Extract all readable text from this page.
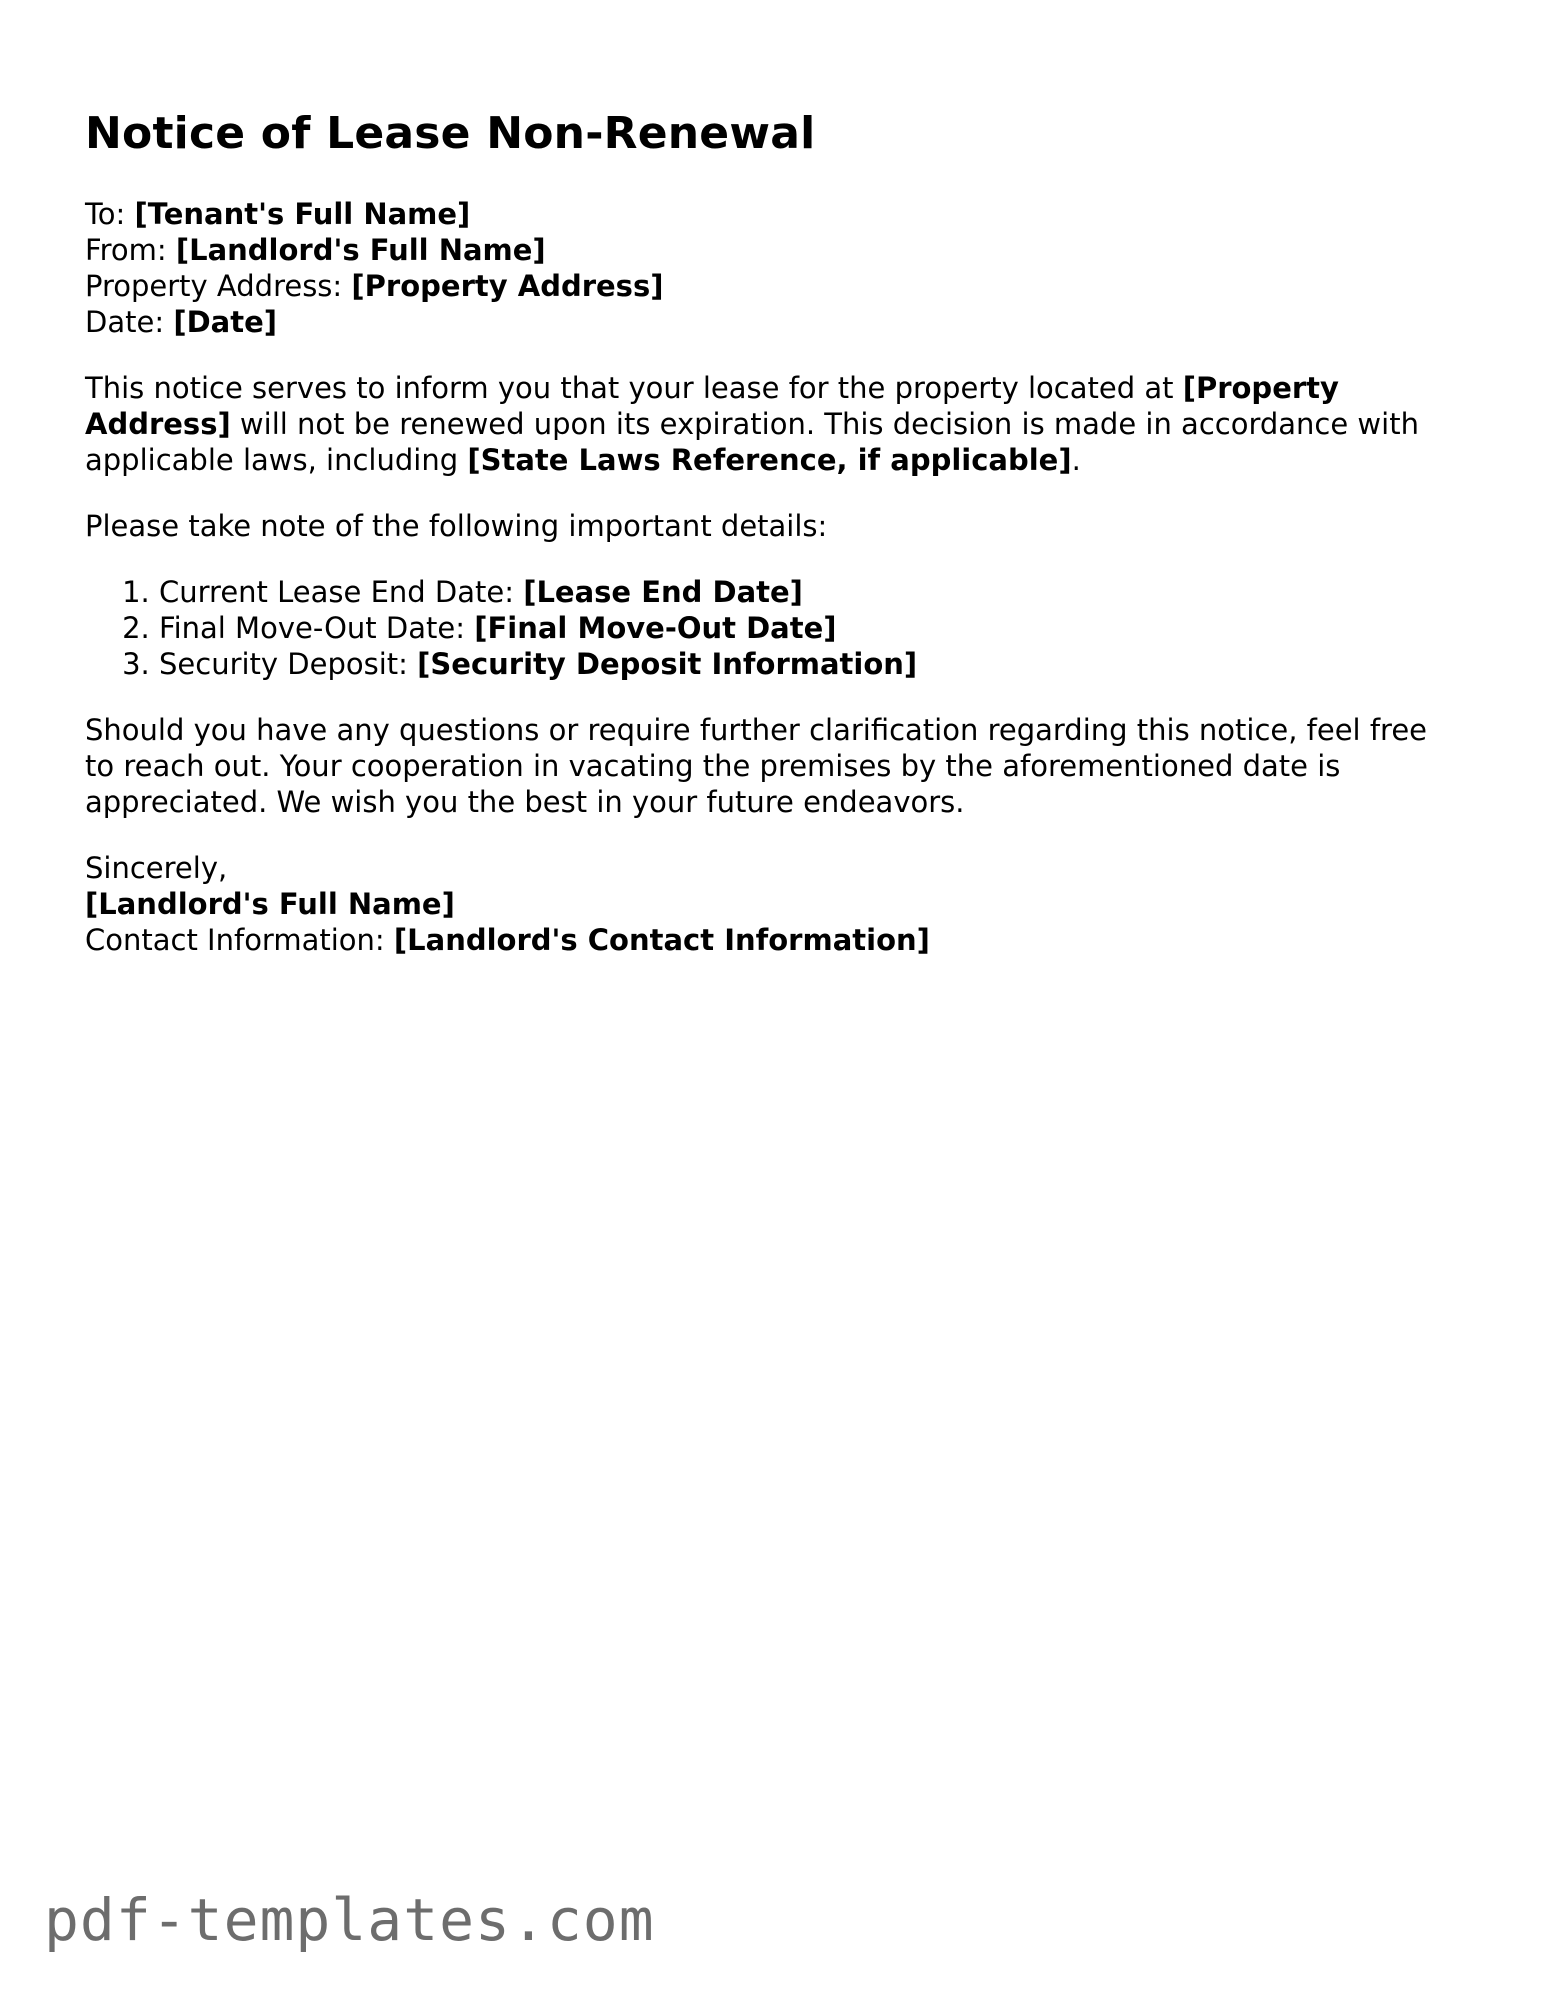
Notice of Lease Non-Renewal
To: [Tenant's Full Name]
From: [Landlord's Full Name]
Property Address: [Property Address]
Date: [Date]

This notice serves to inform you that your lease for the property located at [Property Address] will not be renewed upon its expiration. This decision is made in accordance with applicable laws, including [State Laws Reference, if applicable].

Please take note of the following important details:

1. Current Lease End Date: [Lease End Date]
2. Final Move-Out Date: [Final Move-Out Date]
3. Security Deposit: [Security Deposit Information]

Should you have any questions or require further clarification regarding this notice, feel free to reach out. Your cooperation in vacating the premises by the aforementioned date is appreciated. We wish you the best in your future endeavors.

Sincerely,
[Landlord's Full Name]
Contact Information: [Landlord's Contact Information]
pdf-templates.com
